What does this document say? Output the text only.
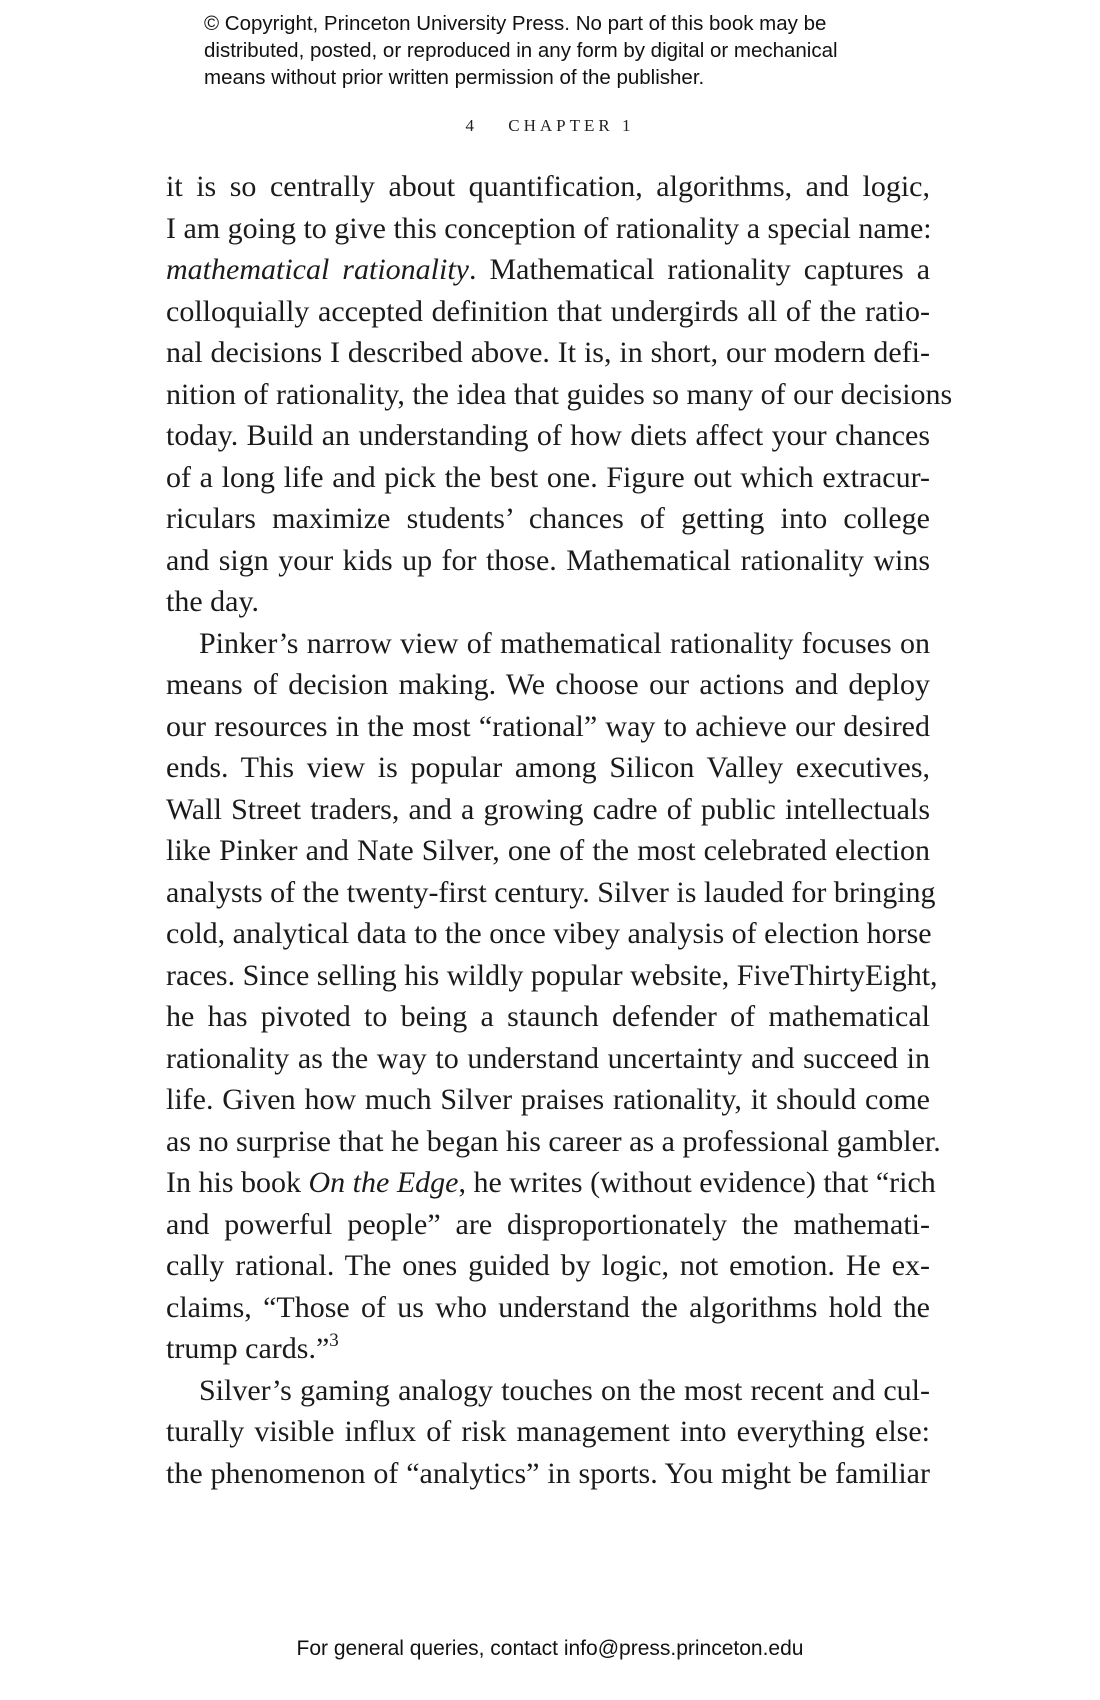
© Copyright, Princeton University Press. No part of this book may be
distributed, posted, or reproduced in any form by digital or mechanical
means without prior written permission of the publisher.
4 CHAPTER 1
it is so centrally about quantification, algorithms, and logic,
I am going to give this conception of rationality a special name:
mathematical rationality. Mathematical rationality captures a
colloquially accepted definition that undergirds all of the ratio-
nal decisions I described above. It is, in short, our modern defi-
nition of rationality, the idea that guides so many of our decisions
today. Build an understanding of how diets affect your chances
of a long life and pick the best one. Figure out which extracur-
riculars maximize students’ chances of getting into college
and sign your kids up for those. Mathematical rationality wins
the day.
Pinker’s narrow view of mathematical rationality focuses on
means of decision making. We choose our actions and deploy
our resources in the most “rational” way to achieve our desired
ends. This view is popular among Silicon Valley executives,
Wall Street traders, and a growing cadre of public intellectuals
like Pinker and Nate Silver, one of the most celebrated election
analysts of the twenty-first century. Silver is lauded for bringing
cold, analytical data to the once vibey analysis of election horse
races. Since selling his wildly popular website, FiveThirtyEight,
he has pivoted to being a staunch defender of mathematical
rationality as the way to understand uncertainty and succeed in
life. Given how much Silver praises rationality, it should come
as no surprise that he began his career as a professional gambler.
In his book On the Edge, he writes (without evidence) that “rich
and powerful people” are disproportionately the mathemati-
cally rational. The ones guided by logic, not emotion. He ex-
claims, “Those of us who understand the algorithms hold the
trump cards.”$^3$
Silver’s gaming analogy touches on the most recent and cul-
turally visible influx of risk management into everything else:
the phenomenon of “analytics” in sports. You might be familiar
For general queries, contact info@press.princeton.edu
